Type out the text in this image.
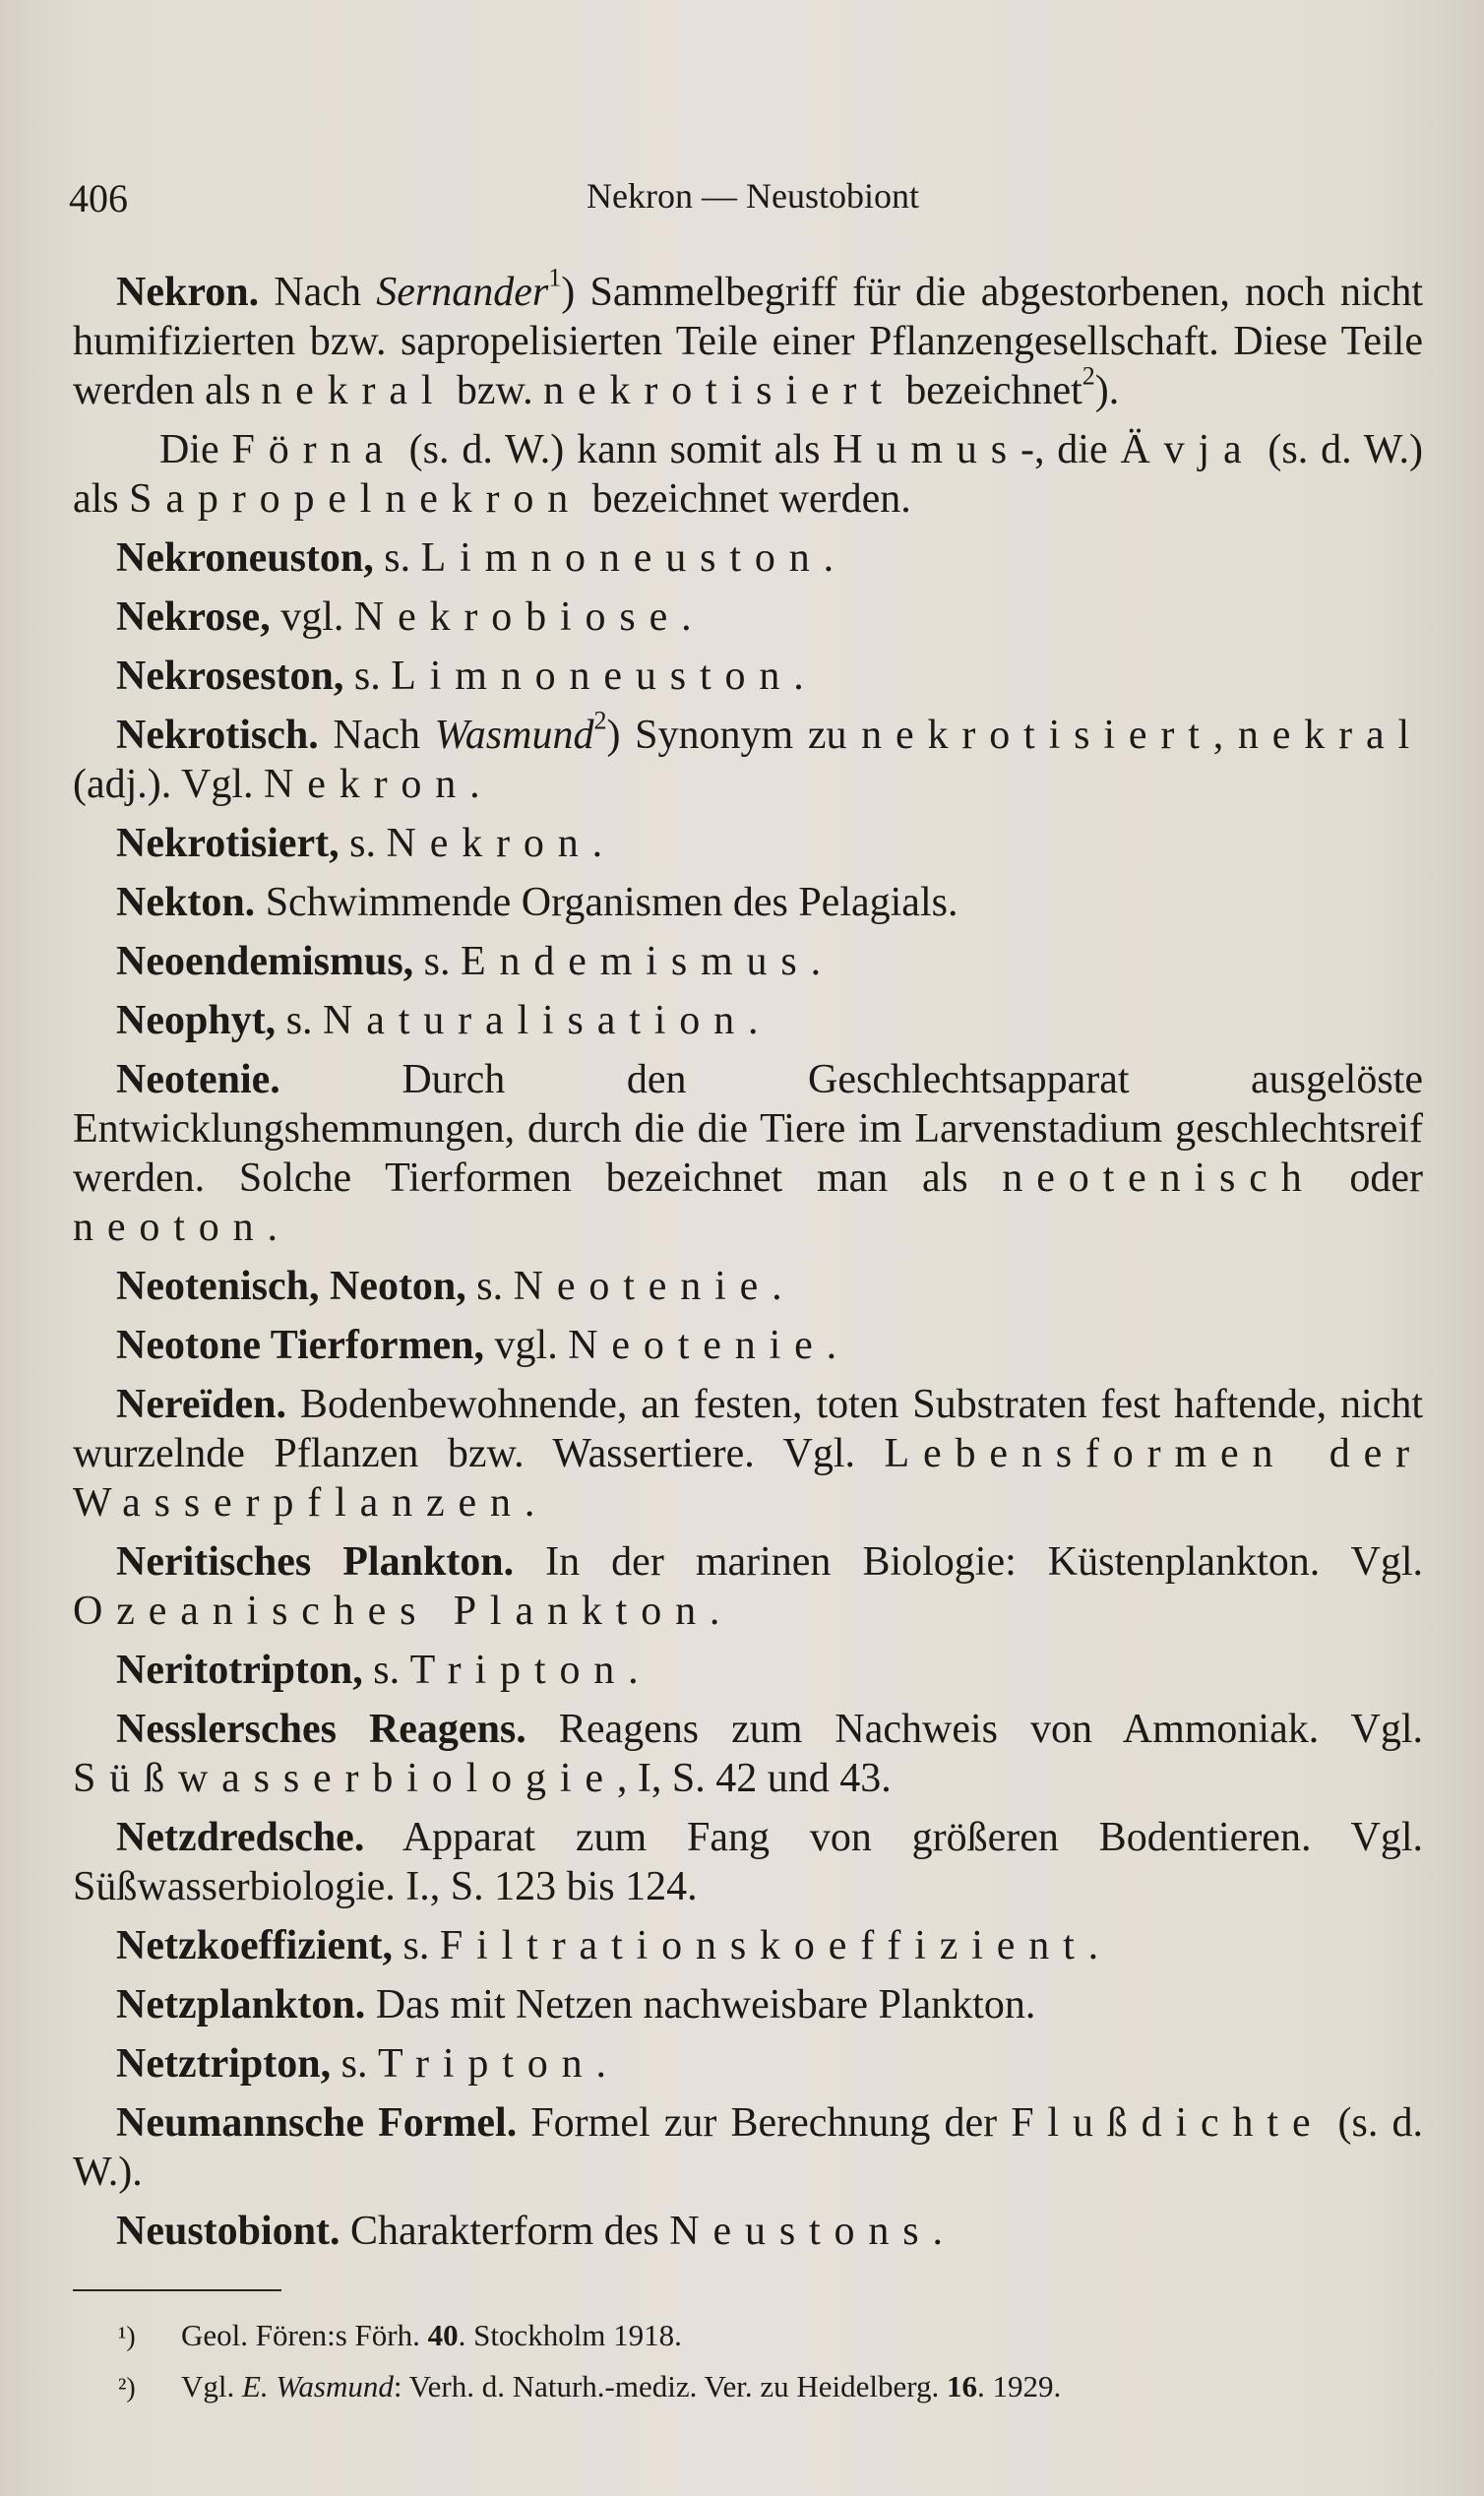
406	Nekron — Neustobiont

Nekron. Nach Sernander$^1$) Sammelbegriff für die abgestorbenen, noch nicht humifizierten bzw. sapropelisierten Teile einer Pflanzengesellschaft. Diese Teile werden als nekral bzw. nekrotisiert bezeichnet$^2$).

Die Förna (s. d. W.) kann somit als Humus-, die Ävja (s. d. W.) als Sapropelnekron bezeichnet werden.

Nekroneuston, s. Limnoneuston.

Nekrose, vgl. Nekrobiose.

Nekroseston, s. Limnoneuston.

Nekrotisch. Nach Wasmund$^2$) Synonym zu nekrotisiert, nekral (adj.). Vgl. Nekron.

Nekrotisiert, s. Nekron.

Nekton. Schwimmende Organismen des Pelagials.

Neoendemismus, s. Endemismus.

Neophyt, s. Naturalisation.

Neotenie. Durch den Geschlechtsapparat ausgelöste Entwicklungshemmungen, durch die die Tiere im Larvenstadium geschlechtsreif werden. Solche Tierformen bezeichnet man als neotenisch oder neoton.

Neotenisch, Neoton, s. Neotenie.

Neotone Tierformen, vgl. Neotenie.

Nereïden. Bodenbewohnende, an festen, toten Substraten fest haftende, nicht wurzelnde Pflanzen bzw. Wassertiere. Vgl. Lebensformen der Wasserpflanzen.

Neritisches Plankton. In der marinen Biologie: Küstenplankton. Vgl. Ozeanisches Plankton.

Neritotripton, s. Tripton.

Nesslersches Reagens. Reagens zum Nachweis von Ammoniak. Vgl. Süßwasserbiologie, I, S. 42 und 43.

Netzdredsche. Apparat zum Fang von größeren Bodentieren. Vgl. Süßwasserbiologie. I., S. 123 bis 124.

Netzkoeffizient, s. Filtrationskoeffizient.

Netzplankton. Das mit Netzen nachweisbare Plankton.

Netztripton, s. Tripton.

Neumannsche Formel. Formel zur Berechnung der Flußdichte (s. d. W.).

Neustobiont. Charakterform des Neustons.

¹) Geol. Fören:s Förh. 40. Stockholm 1918.

²) Vgl. E. Wasmund: Verh. d. Naturh.-mediz. Ver. zu Heidelberg. 16. 1929.
